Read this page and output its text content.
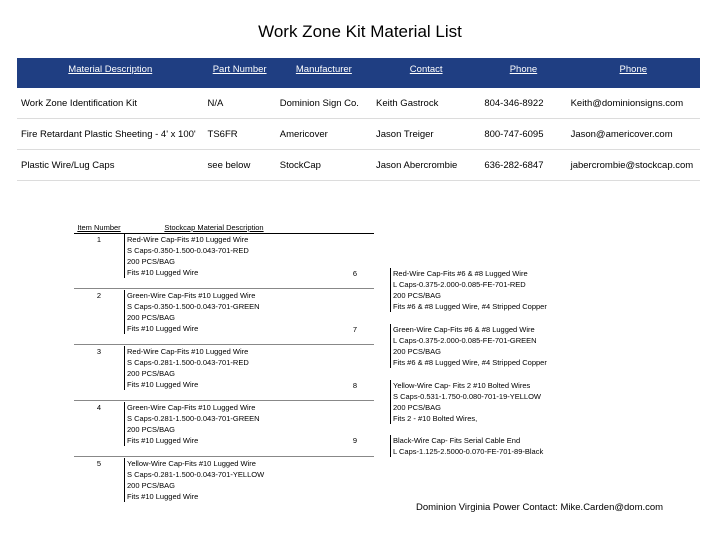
Work Zone Kit Material List
Material Description	Part Number	Manufacturer	Contact	Phone	Phone
Work Zone Identification Kit	N/A	Dominion Sign Co.	Keith Gastrock	804-346-8922	Keith@dominionsigns.com
Fire Retardant Plastic Sheeting - 4' x 100'	TS6FR	Americover	Jason Treiger	800-747-6095	Jason@americover.com
Plastic Wire/Lug Caps	see below	StockCap	Jason Abercrombie	636-282-6847	jabercrombie@stockcap.com
Item Number	Stockcap Material Description
1	Red-Wire Cap-Fits #10 Lugged Wire
S Caps-0.350-1.500-0.043-701-RED
200 PCS/BAG
Fits #10 Lugged Wire
2	Green-Wire Cap-Fits #10 Lugged Wire
S Caps-0.350-1.500-0.043-701-GREEN
200 PCS/BAG
Fits #10 Lugged Wire
3	Red-Wire Cap-Fits #10 Lugged Wire
S Caps-0.281-1.500-0.043-701-RED
200 PCS/BAG
Fits #10 Lugged Wire
4	Green-Wire Cap-Fits #10 Lugged Wire
S Caps-0.281-1.500-0.043-701-GREEN
200 PCS/BAG
Fits #10 Lugged Wire
5	Yellow-Wire Cap-Fits #10 Lugged Wire
S Caps-0.281-1.500-0.043-701-YELLOW
200 PCS/BAG
Fits #10 Lugged Wire
6	Red-Wire Cap-Fits #6 & #8 Lugged Wire
L Caps-0.375-2.000-0.085-FE-701-RED
200 PCS/BAG
Fits #6 & #8 Lugged Wire, #4 Stripped Copper
7	Green-Wire Cap-Fits #6 & #8 Lugged Wire
L Caps-0.375-2.000-0.085-FE-701-GREEN
200 PCS/BAG
Fits #6 & #8 Lugged Wire, #4 Stripped Copper
8	Yellow-Wire Cap- Fits 2 #10 Bolted Wires
S Caps-0.531-1.750-0.080-701-19-YELLOW
200 PCS/BAG
Fits 2 - #10 Bolted Wires,
9	Black-Wire Cap- Fits Serial Cable End
L Caps-1.125-2.5000-0.070-FE-701-89-Black
Dominion Virginia Power Contact: Mike.Carden@dom.com
